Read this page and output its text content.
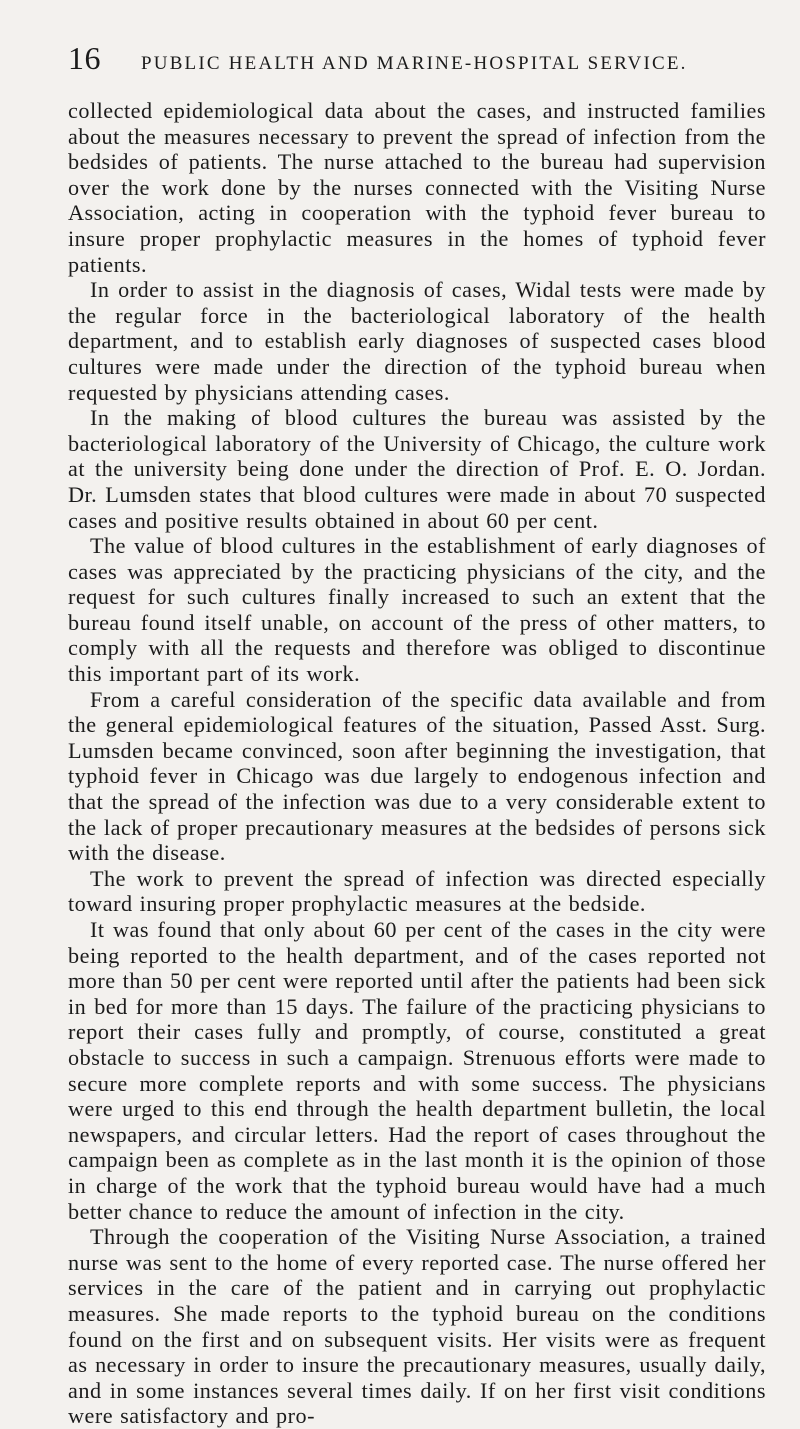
16 PUBLIC HEALTH AND MARINE-HOSPITAL SERVICE.

collected epidemiological data about the cases, and instructed families about the measures necessary to prevent the spread of infection from the bedsides of patients. The nurse attached to the bureau had supervision over the work done by the nurses connected with the Visiting Nurse Association, acting in cooperation with the typhoid fever bureau to insure proper prophylactic measures in the homes of typhoid fever patients.

In order to assist in the diagnosis of cases, Widal tests were made by the regular force in the bacteriological laboratory of the health department, and to establish early diagnoses of suspected cases blood cultures were made under the direction of the typhoid bureau when requested by physicians attending cases.

In the making of blood cultures the bureau was assisted by the bacteriological laboratory of the University of Chicago, the culture work at the university being done under the direction of Prof. E. O. Jordan. Dr. Lumsden states that blood cultures were made in about 70 suspected cases and positive results obtained in about 60 per cent.

The value of blood cultures in the establishment of early diagnoses of cases was appreciated by the practicing physicians of the city, and the request for such cultures finally increased to such an extent that the bureau found itself unable, on account of the press of other matters, to comply with all the requests and therefore was obliged to discontinue this important part of its work.

From a careful consideration of the specific data available and from the general epidemiological features of the situation, Passed Asst. Surg. Lumsden became convinced, soon after beginning the investigation, that typhoid fever in Chicago was due largely to endogenous infection and that the spread of the infection was due to a very considerable extent to the lack of proper precautionary measures at the bedsides of persons sick with the disease.

The work to prevent the spread of infection was directed especially toward insuring proper prophylactic measures at the bedside.

It was found that only about 60 per cent of the cases in the city were being reported to the health department, and of the cases reported not more than 50 per cent were reported until after the patients had been sick in bed for more than 15 days. The failure of the practicing physicians to report their cases fully and promptly, of course, constituted a great obstacle to success in such a campaign. Strenuous efforts were made to secure more complete reports and with some success. The physicians were urged to this end through the health department bulletin, the local newspapers, and circular letters. Had the report of cases throughout the campaign been as complete as in the last month it is the opinion of those in charge of the work that the typhoid bureau would have had a much better chance to reduce the amount of infection in the city.

Through the cooperation of the Visiting Nurse Association, a trained nurse was sent to the home of every reported case. The nurse offered her services in the care of the patient and in carrying out prophylactic measures. She made reports to the typhoid bureau on the conditions found on the first and on subsequent visits. Her visits were as frequent as necessary in order to insure the precautionary measures, usually daily, and in some instances several times daily. If on her first visit conditions were satisfactory and pro-
